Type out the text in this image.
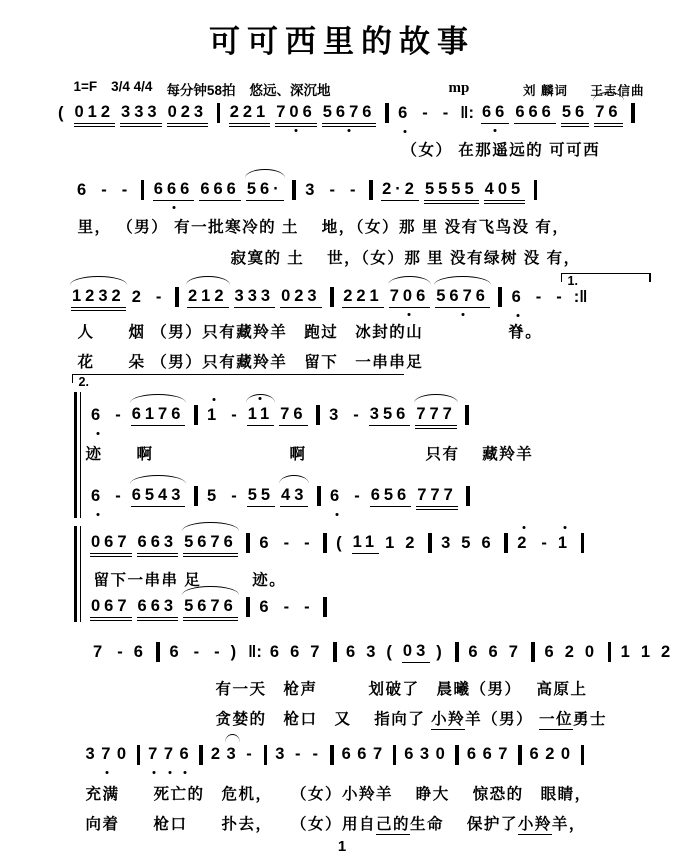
可可西里的故事
1=F 3/4 4/4 每分钟58拍 悠远、深沉地	刘 麟词 　 王志信曲
mp
( 012 333 023 221 706 5676 6 - - ‖: 66 666 56 76
（女） 在那遥远的 可可西
6 - -	666 666 56· 3 - -	2·2 5555 405
里， （男） 有一批寒冷的 土　 地，（女）那 里 没有飞鸟没 有，
寂寞的 土　 世，（女）那 里 没有绿树 没 有，
1.
1232 2 -	212 333 023 221 706 5676 6 - - :‖
人　　烟 （男）只有藏羚羊　跑过　冰封的山　　　　　脊。
花　　朵 （男）只有藏羚羊　留下　一串串足
2.
6 - 6176 1 - 11 76 3 - 356 777
迹　　啊　　　　　　　　啊　　　　　　　只有　 藏羚羊
6 - 6543 5 - 55 43 6 - 656 777
067 663 5676 6 - -	( 11 1 2 3 5 6 2 - 1
留下一串串 足　　　迹。
067 663 5676 6 - -
7 - 6 6 - - ) ‖: 6 6 7 6 3 ( 03 ) 6 6 7 6 2 0 1 1 2
有一天　枪声　　　划破了　晨曦（男）　 高原上
贪婪的　枪口　又　 指向了 小羚羊（男） 一位勇士
3 7 0 7 7 6 2 3 -	3 - -	6 6 7 6 3 0 6 6 7 6 2 0
充满　　死亡的　危机，　　（女）小羚羊　 睁大　 惊恐的　眼睛，
向着　　枪口　　扑去，　　（女）用自己的生命　 保护了小羚羊，
1
